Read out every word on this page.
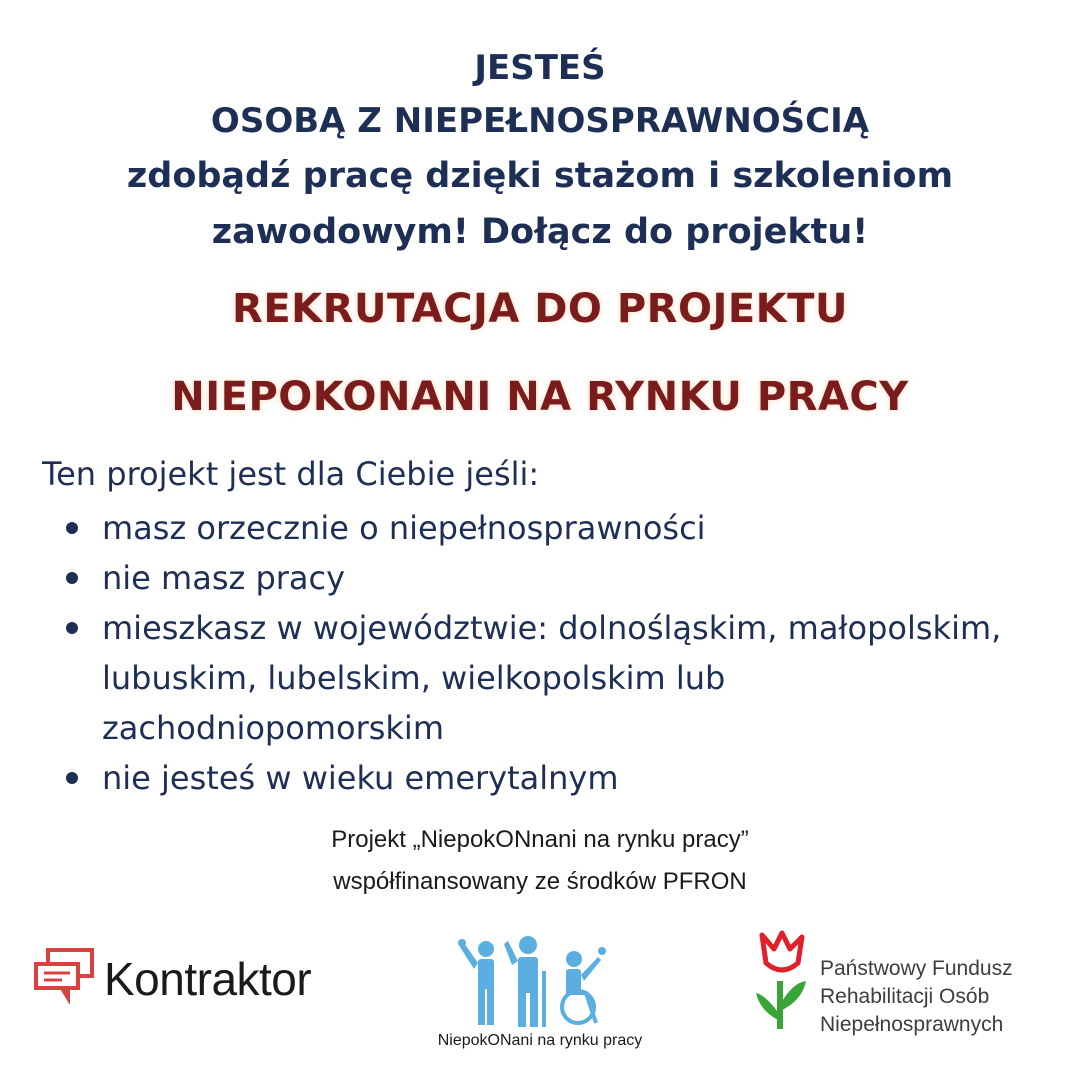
JESTEŚ
OSOBĄ Z NIEPEŁNOSPRAWNOŚCIĄ
zdobądź pracę dzięki stażom i szkoleniom
zawodowym! Dołącz do projektu!
REKRUTACJA DO PROJEKTU
NIEPOKONANI NA RYNKU PRACY
Ten projekt jest dla Ciebie jeśli:
masz orzecznie o niepełnosprawności
nie masz pracy
mieszkasz w województwie: dolnośląskim, małopolskim, lubuskim, lubelskim, wielkopolskim lub zachodniopomorskim
nie jesteś w wieku emerytalnym

Projekt „NiepokONnani na rynku pracy”

współfinansowany ze środków PFRON

Kontraktor
NiepokONani na rynku pracy
Państwowy Fundusz
Rehabilitacji Osób
Niepełnosprawnych
